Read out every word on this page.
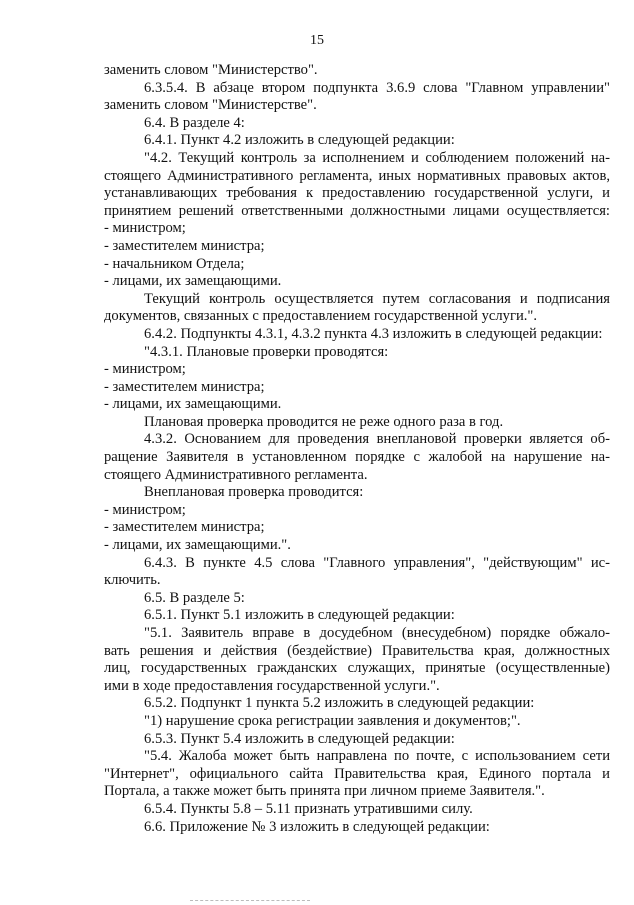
15
заменить словом "Министерство".
6.3.5.4. В абзаце втором подпункта 3.6.9 слова "Главном управлении"
заменить словом "Министерстве".
6.4. В разделе 4:
6.4.1. Пункт 4.2 изложить в следующей редакции:
"4.2. Текущий контроль за исполнением и соблюдением положений на-
стоящего Административного регламента, иных нормативных правовых актов,
устанавливающих требования к предоставлению государственной услуги, и
принятием решений ответственными должностными лицами осуществляется:
- министром;
- заместителем министра;
- начальником Отдела;
- лицами, их замещающими.
Текущий контроль осуществляется путем согласования и подписания
документов, связанных с предоставлением государственной услуги.".
6.4.2. Подпункты 4.3.1, 4.3.2 пункта 4.3 изложить в следующей редакции:
"4.3.1. Плановые проверки проводятся:
- министром;
- заместителем министра;
- лицами, их замещающими.
Плановая проверка проводится не реже одного раза в год.
4.3.2. Основанием для проведения внеплановой проверки является об-
ращение Заявителя в установленном порядке с жалобой на нарушение на-
стоящего Административного регламента.
Внеплановая проверка проводится:
- министром;
- заместителем министра;
- лицами, их замещающими.".
6.4.3. В пункте 4.5 слова "Главного управления", "действующим" ис-
ключить.
6.5. В разделе 5:
6.5.1. Пункт 5.1 изложить в следующей редакции:
"5.1. Заявитель вправе в досудебном (внесудебном) порядке обжало-
вать решения и действия (бездействие) Правительства края, должностных
лиц, государственных гражданских служащих, принятые (осуществленные)
ими в ходе предоставления государственной услуги.".
6.5.2. Подпункт 1 пункта 5.2 изложить в следующей редакции:
"1) нарушение срока регистрации заявления и документов;".
6.5.3. Пункт 5.4 изложить в следующей редакции:
"5.4. Жалоба может быть направлена по почте, с использованием сети
"Интернет", официального сайта Правительства края, Единого портала и
Портала, а также может быть принята при личном приеме Заявителя.".
6.5.4. Пункты 5.8 – 5.11 признать утратившими силу.
6.6. Приложение № 3 изложить в следующей редакции:
